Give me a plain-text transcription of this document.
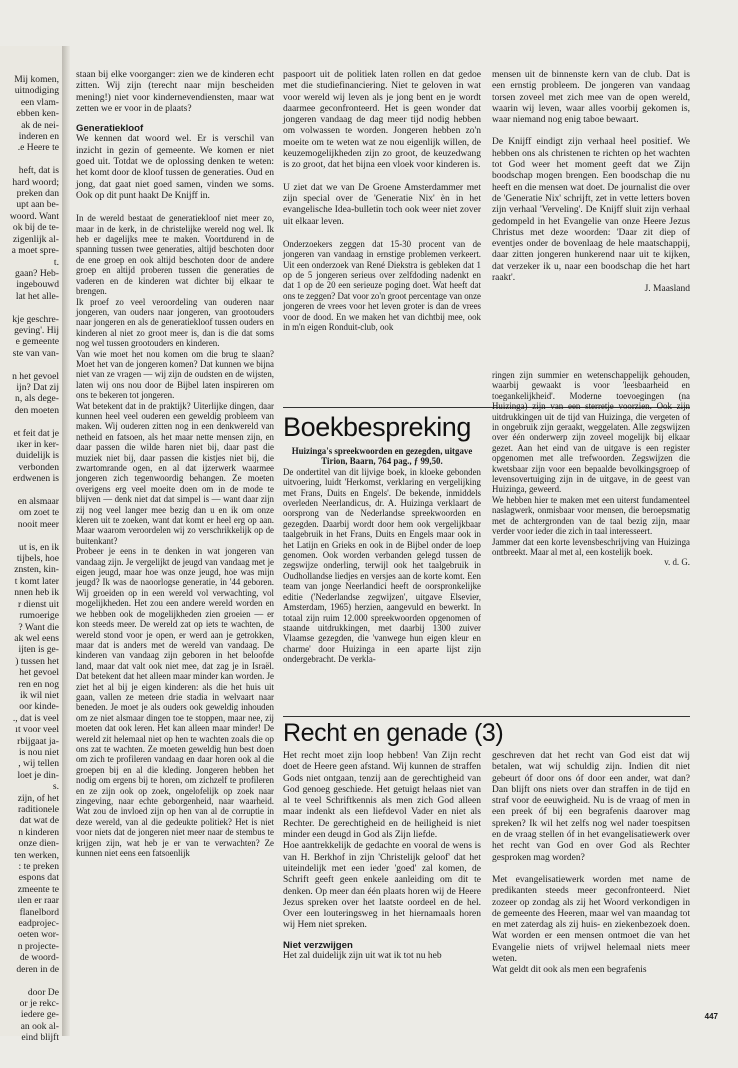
Mij komen,

uitnodiging

een vlam-

ebben ken-

ak de nei-

inderen en

.e Heere te

heft, dat is

hard woord;

preken dan

upt aan be-

woord. Want

ok bij de te-

zigenlijk al-

a moet spre-

t.

gaan? Heb-

ingebouwd

lat het alle-

kje geschre-

geving'. Hij

e gemeente

ste van van-

n het gevoel

ijn? Dat zij

n, als dege-

den moeten

et feit dat je

ıker in ker-

duidelijk is

verbonden

erdwenen is

en alsmaar

om zoet te

nooit meer

ut is, en ik

tijbels, hoe

znsten, kin-

t komt later

nnen heb ik

r dienst uit

rumoerige

? Want die

ak wel eens

ijten is ge-

) tussen het

het gevoel

ren en nog

ik wil niet

oor kinde-

., dat is veel

ıt voor veel

rbijgaat ja-

is nou niet

, wij tellen

loet je din-

s.

zijn, of het

raditionele

dat wat de

n kinderen

onze dien-

ten werken,

: te preken

espons dat

zmeente te

ılen er raar

flanelbord

eadprojec-

oeten wor-

n projecte-

de woord-

deren in de

door De

or je rekc-

iedere ge-

an ook al-

eind blijft

staan bij elke voorganger: zien we de kinderen echt zitten. Wij zijn (terecht naar mijn bescheiden mening!) niet voor kindernevendiensten, maar wat zetten we er voor in de plaats?

Generatiekloof

We kennen dat woord wel. Er is verschil van inzicht in gezin of gemeente. We komen er niet goed uit. Totdat we de oplossing denken te weten: het komt door de kloof tussen de generaties. Oud en jong, dat gaat niet goed samen, vinden we soms. Ook op dit punt haakt De Knijff in.

In de wereld bestaat de generatiekloof niet meer zo, maar in de kerk, in de christelijke wereld nog wel. Ik heb er dagelijks mee te maken. Voortdurend in de spanning tussen twee generaties, altijd beschoten door de ene groep en ook altijd beschoten door de andere groep en altijd proberen tussen die generaties de vaderen en de kinderen wat dichter bij elkaar te brengen.

Ik proef zo veel veroordeling van ouderen naar jongeren, van ouders naar jongeren, van grootouders naar jongeren en als de generatiekloof tussen ouders en kinderen al niet zo groot meer is, dan is die dat soms nog wel tussen grootouders en kinderen.

Van wie moet het nou komen om die brug te slaan? Moet het van de jongeren komen? Dat kunnen we bijna niet van ze vragen — wij zijn de oudsten en de wijsten, laten wij ons nou door de Bijbel laten inspireren om ons te bekeren tot jongeren.

Wat betekent dat in de praktijk? Uiterlijke dingen, daar kunnen heel veel ouderen een geweldig probleem van maken. Wij ouderen zitten nog in een denkwereld van netheid en fatsoen, als het maar nette mensen zijn, en daar passen die wilde haren niet bij, daar past die muziek niet bij, daar passen die kistjes niet bij, die zwartomrande ogen, en al dat ijzerwerk waarmee jongeren zich tegenwoordig behangen. Ze moeten overigens erg veel moeite doen om in de mode te blijven — denk niet dat dat simpel is — want daar zijn zij nog veel langer mee bezig dan u en ik om onze kleren uit te zoeken, want dat komt er heel erg op aan. Maar waarom veroordelen wij zo verschrikkelijk op de buitenkant?

Probeer je eens in te denken in wat jongeren van vandaag zijn. Je vergelijkt de jeugd van vandaag met je eigen jeugd, maar hoe was onze jeugd, hoe was mijn jeugd? Ik was de naoorlogse generatie, in '44 geboren. Wij groeiden op in een wereld vol verwachting, vol mogelijkheden. Het zou een andere wereld worden en we hebben ook de mogelijkheden zien groeien — er kon steeds meer. De wereld zat op iets te wachten, de wereld stond voor je open, er werd aan je getrokken, maar dat is anders met de wereld van vandaag. De kinderen van vandaag zijn geboren in het beloofde land, maar dat valt ook niet mee, dat zag je in Israël. Dat betekent dat het alleen maar minder kan worden. Je ziet het al bij je eigen kinderen: als die het huis uit gaan, vallen ze meteen drie stadia in welvaart naar beneden. Je moet je als ouders ook geweldig inhouden om ze niet alsmaar dingen toe te stoppen, maar nee, zij moeten dat ook leren. Het kan alleen maar minder! De wereld zit helemaal niet op hen te wachten zoals die op ons zat te wachten. Ze moeten geweldig hun best doen om zich te profileren vandaag en daar horen ook al die groepen bij en al die kleding. Jongeren hebben het nodig om ergens bij te horen, om zichzelf te profileren en ze zijn ook op zoek, ongelofelijk op zoek naar zingeving, naar echte geborgenheid, naar waarheid. Wat zou de invloed zijn op hen van al de corruptie in deze wereld, van al die gedeukte politiek? Het is niet voor niets dat de jongeren niet meer naar de stembus te krijgen zijn, wat heb je er van te verwachten? Ze kunnen niet eens een fatsoenlijk

paspoort uit de politiek laten rollen en dat gedoe met die studiefinanciering. Niet te geloven in wat voor wereld wij leven als je jong bent en je wordt daarmee geconfronteerd. Het is geen wonder dat jongeren vandaag de dag meer tijd nodig hebben om volwassen te worden. Jongeren hebben zo'n moeite om te weten wat ze nou eigenlijk willen, de keuzemogelijkheden zijn zo groot, de keuzedwang is zo groot, dat het bijna een vloek voor kinderen is.

U ziet dat we van De Groene Amsterdammer met zijn special over de 'Generatie Nix' èn in het evangelische Idea-bulletin toch ook weer niet zover uit elkaar leven.

Onderzoekers zeggen dat 15-30 procent van de jongeren van vandaag in ernstige problemen verkeert. Uit een onderzoek van René Diekstra is gebleken dat 1 op de 5 jongeren serieus over zelfdoding nadenkt en dat 1 op de 20 een serieuze poging doet. Wat heeft dat ons te zeggen? Dat voor zo'n groot percentage van onze jongeren de vrees voor het leven groter is dan de vrees voor de dood. En we maken het van dichtbij mee, ook in m'n eigen Ronduit-club, ook

mensen uit de binnenste kern van de club. Dat is een ernstig probleem. De jongeren van vandaag torsen zoveel met zich mee van de open wereld, waarin wij leven, waar alles voorbij gekomen is, waar niemand nog enig taboe bewaart.

De Knijff eindigt zijn verhaal heel positief. We hebben ons als christenen te richten op het wachten tot God weer het moment geeft dat we Zijn boodschap mogen brengen. Een boodschap die nu heeft en die mensen wat doet. De journalist die over de 'Generatie Nix' schrijft, zet in vette letters boven zijn verhaal 'Verveling'. De Knijff sluit zijn verhaal gedompeld in het Evangelie van onze Heere Jezus Christus met deze woorden: 'Daar zit diep of eventjes onder de bovenlaag de hele maatschappij, daar zitten jongeren hunkerend naar uit te kijken, dat verzeker ik u, naar een boodschap die het hart raakt'.

J. Maasland

Boekbespreking

Huizinga's spreekwoorden en gezegden, uitgave Tirion, Baarn, 764 pag., ƒ 99,50.

De ondertitel van dit lijvige boek, in kloeke gebonden uitvoering, luidt 'Herkomst, verklaring en vergelijking met Frans, Duits en Engels'. De bekende, inmiddels overleden Neerlandicus, dr. A. Huizinga verklaart de oorsprong van de Nederlandse spreekwoorden en gezegden. Daarbij wordt door hem ook vergelijkbaar taalgebruik in het Frans, Duits en Engels maar ook in het Latijn en Grieks en ook in de Bijbel onder de loep genomen. Ook worden verbanden gelegd tussen de zegswijze onderling, terwijl ook het taalgebruik in Oudhollandse liedjes en versjes aan de korte komt. Een team van jonge Neerlandici heeft de oorspronkelijke editie ('Nederlandse zegwijzen', uitgave Elsevier, Amsterdam, 1965) herzien, aangevuld en bewerkt. In totaal zijn ruim 12.000 spreekwoorden opgenomen of staande uitdrukkingen, met daarbij 1300 zuiver Vlaamse gezegden, die 'vanwege hun eigen kleur en charme' door Huizinga in een aparte lijst zijn ondergebracht. De verkla-

ringen zijn summier en wetenschappelijk gehouden, waarbij gewaakt is voor 'leesbaarheid en toegankelijkheid'. Moderne toevoegingen (na Huizinga) zijn van een sterretje voorzien. Ook zijn uitdrukkingen uit de tijd van Huizinga, die vergeten of in ongebruik zijn geraakt, weggelaten. Alle zegswijzen over één onderwerp zijn zoveel mogelijk bij elkaar gezet. Aan het eind van de uitgave is een register opgenomen met alle trefwoorden. Zegswijzen die kwetsbaar zijn voor een bepaalde bevolkingsgroep of levensovertuiging zijn in de uitgave, in de geest van Huizinga, geweerd.

We hebben hier te maken met een uiterst fundamenteel naslagwerk, onmisbaar voor mensen, die beroepsmatig met de achtergronden van de taal bezig zijn, maar verder voor ieder die zich in taal interesseert.

Jammer dat een korte levensbeschrijving van Huizinga ontbreekt. Maar al met al, een kostelijk boek.

v. d. G.

Recht en genade (3)

Het recht moet zijn loop hebben! Van Zijn recht doet de Heere geen afstand. Wij kunnen de straffen Gods niet ontgaan, tenzij aan de gerechtigheid van God genoeg geschiede. Het getuigt helaas niet van al te veel Schriftkennis als men zich God alleen maar indenkt als een liefdevol Vader en niet als Rechter. De gerechtigheid en de heiligheid is niet minder een deugd in God als Zijn liefde.

Hoe aantrekkelijk de gedachte en vooral de wens is van H. Berkhof in zijn 'Christelijk geloof' dat het uiteindelijk met een ieder 'goed' zal komen, de Schrift geeft geen enkele aanleiding om dit te denken. Op meer dan één plaats horen wij de Heere Jezus spreken over het laatste oordeel en de hel. Over een louteringsweg in het hiernamaals horen wij Hem niet spreken.

Niet verzwijgen

Het zal duidelijk zijn uit wat ik tot nu heb

geschreven dat het recht van God eist dat wij betalen, wat wij schuldig zijn. Indien dit niet gebeurt óf door ons óf door een ander, wat dan? Dan blijft ons niets over dan straffen in de tijd en straf voor de eeuwigheid. Nu is de vraag of men in een preek óf bij een begrafenis daarover mag spreken? Ik wil het zelfs nog wel nader toespitsen en de vraag stellen óf in het evangelisatiewerk over het recht van God en over God als Rechter gesproken mag worden?

Met evangelisatiewerk worden met name de predikanten steeds meer geconfronteerd. Niet zozeer op zondag als zij het Woord verkondigen in de gemeente des Heeren, maar wel van maandag tot en met zaterdag als zij huis- en ziekenbezoek doen. Wat worden er een mensen ontmoet die van het Evangelie niets of vrijwel helemaal niets meer weten.

Wat geldt dit ook als men een begrafenis

447
